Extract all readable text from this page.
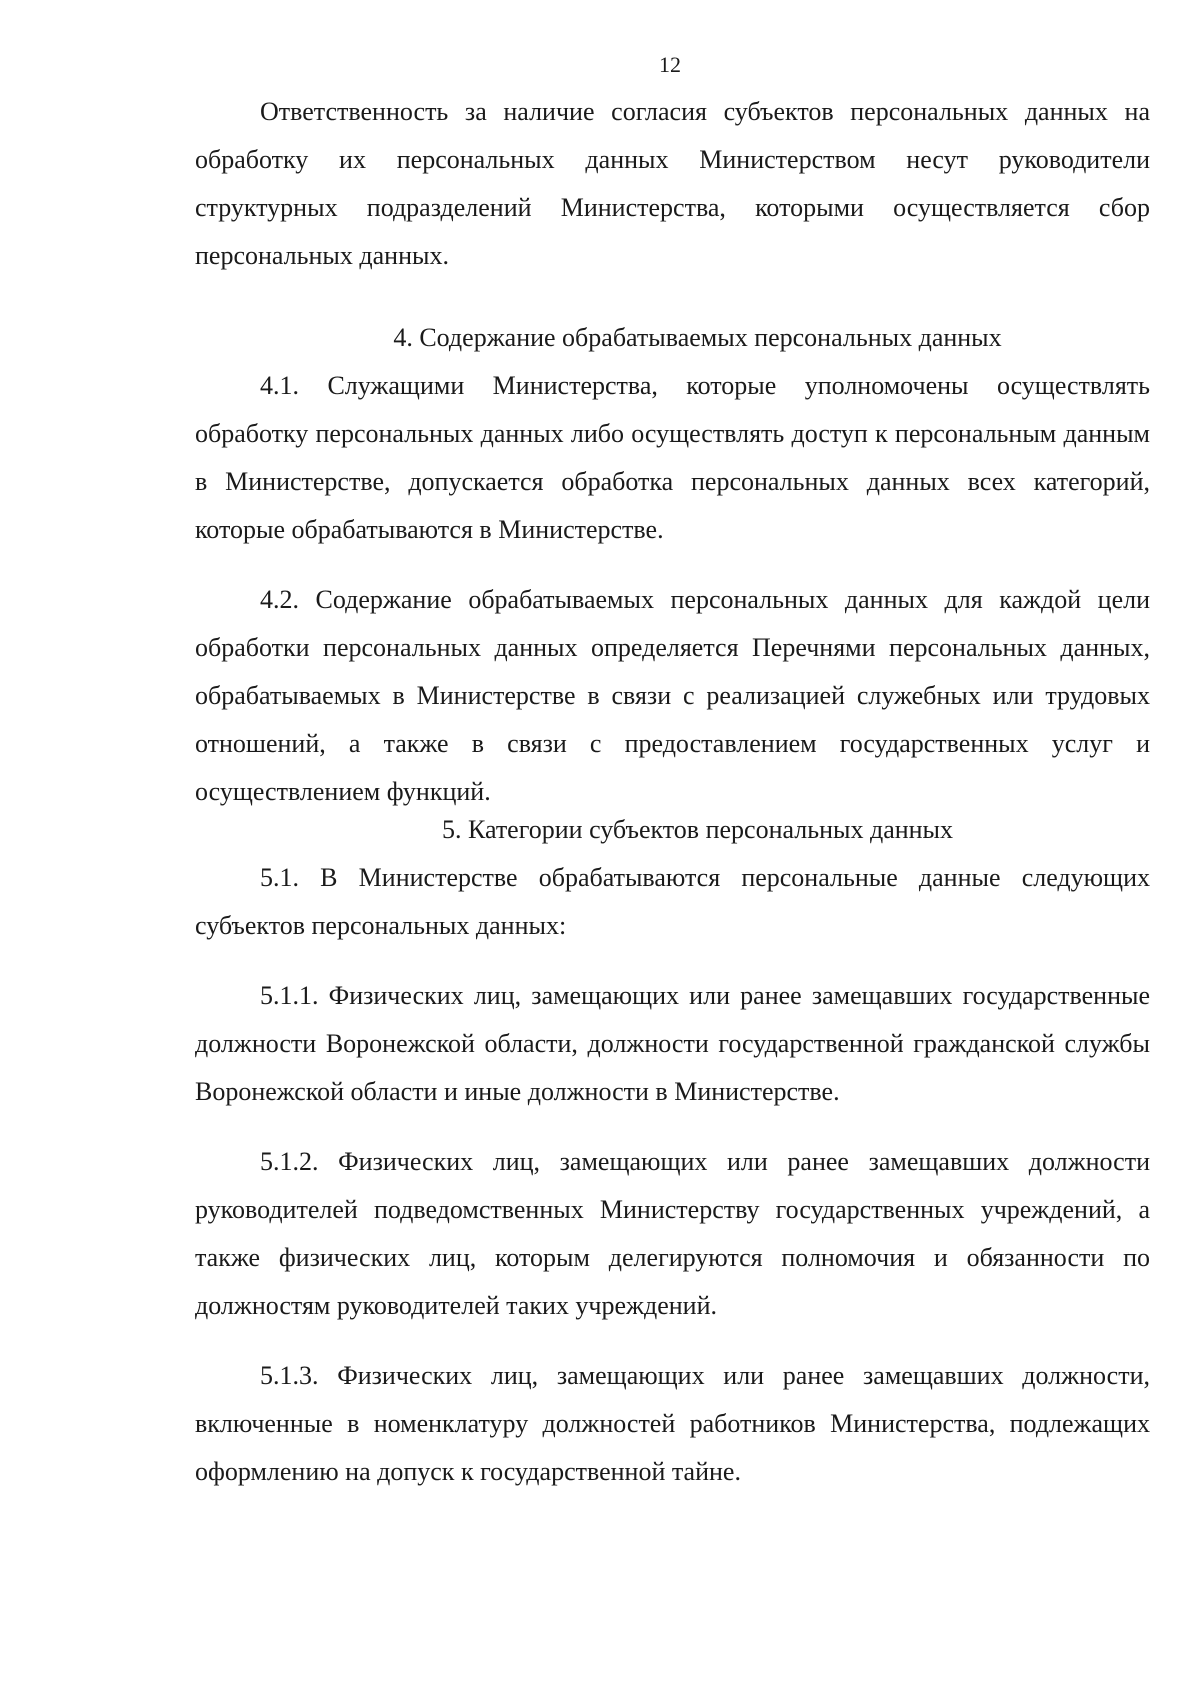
12

Ответственность за наличие согласия субъектов персональных данных на обработку их персональных данных Министерством несут руководители структурных подразделений Министерства, которыми осуществляется сбор персональных данных.

4. Содержание обрабатываемых персональных данных

4.1. Служащими Министерства, которые уполномочены осуществлять обработку персональных данных либо осуществлять доступ к персональным данным в Министерстве, допускается обработка персональных данных всех категорий, которые обрабатываются в Министерстве.

4.2. Содержание обрабатываемых персональных данных для каждой цели обработки персональных данных определяется Перечнями персональных данных, обрабатываемых в Министерстве в связи с реализацией служебных или трудовых отношений, а также в связи с предоставлением государственных услуг и осуществлением функций.

5. Категории субъектов персональных данных

5.1. В Министерстве обрабатываются персональные данные следующих субъектов персональных данных:

5.1.1. Физических лиц, замещающих или ранее замещавших государственные должности Воронежской области, должности государственной гражданской службы Воронежской области и иные должности в Министерстве.

5.1.2. Физических лиц, замещающих или ранее замещавших должности руководителей подведомственных Министерству государственных учреждений, а также физических лиц, которым делегируются полномочия и обязанности по должностям руководителей таких учреждений.

5.1.3. Физических лиц, замещающих или ранее замещавших должности, включенные в номенклатуру должностей работников Министерства, подлежащих оформлению на допуск к государственной тайне.
